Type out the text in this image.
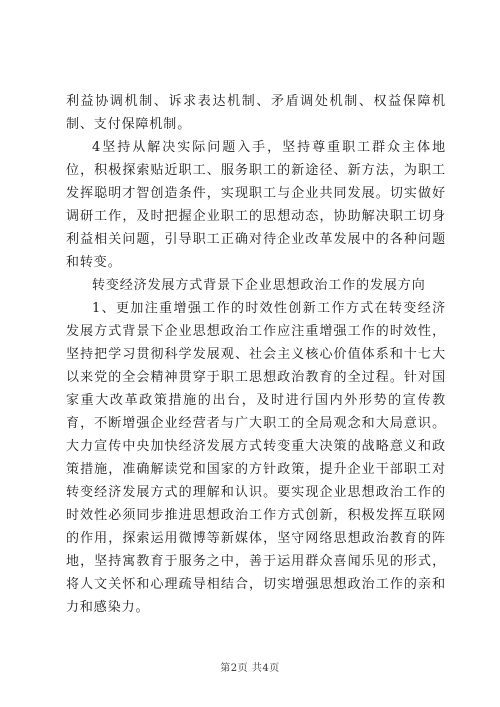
利益协调机制、诉求表达机制、矛盾调处机制、权益保障机制、支付保障机制。

4坚持从解决实际问题入手，坚持尊重职工群众主体地位，积极探索贴近职工、服务职工的新途径、新方法，为职工发挥聪明才智创造条件，实现职工与企业共同发展。切实做好调研工作，及时把握企业职工的思想动态，协助解决职工切身利益相关问题，引导职工正确对待企业改革发展中的各种问题和转变。

转变经济发展方式背景下企业思想政治工作的发展方向

1、更加注重增强工作的时效性创新工作方式在转变经济发展方式背景下企业思想政治工作应注重增强工作的时效性，坚持把学习贯彻科学发展观、社会主义核心价值体系和十七大以来党的全会精神贯穿于职工思想政治教育的全过程。针对国家重大改革政策措施的出台，及时进行国内外形势的宣传教育，不断增强企业经营者与广大职工的全局观念和大局意识。大力宣传中央加快经济发展方式转变重大决策的战略意义和政策措施，准确解读党和国家的方针政策，提升企业干部职工对转变经济发展方式的理解和认识。要实现企业思想政治工作的时效性必须同步推进思想政治工作方式创新，积极发挥互联网的作用，探索运用微博等新媒体，坚守网络思想政治教育的阵地，坚持寓教育于服务之中，善于运用群众喜闻乐见的形式，将人文关怀和心理疏导相结合，切实增强思想政治工作的亲和力和感染力。

第2页 共4页
